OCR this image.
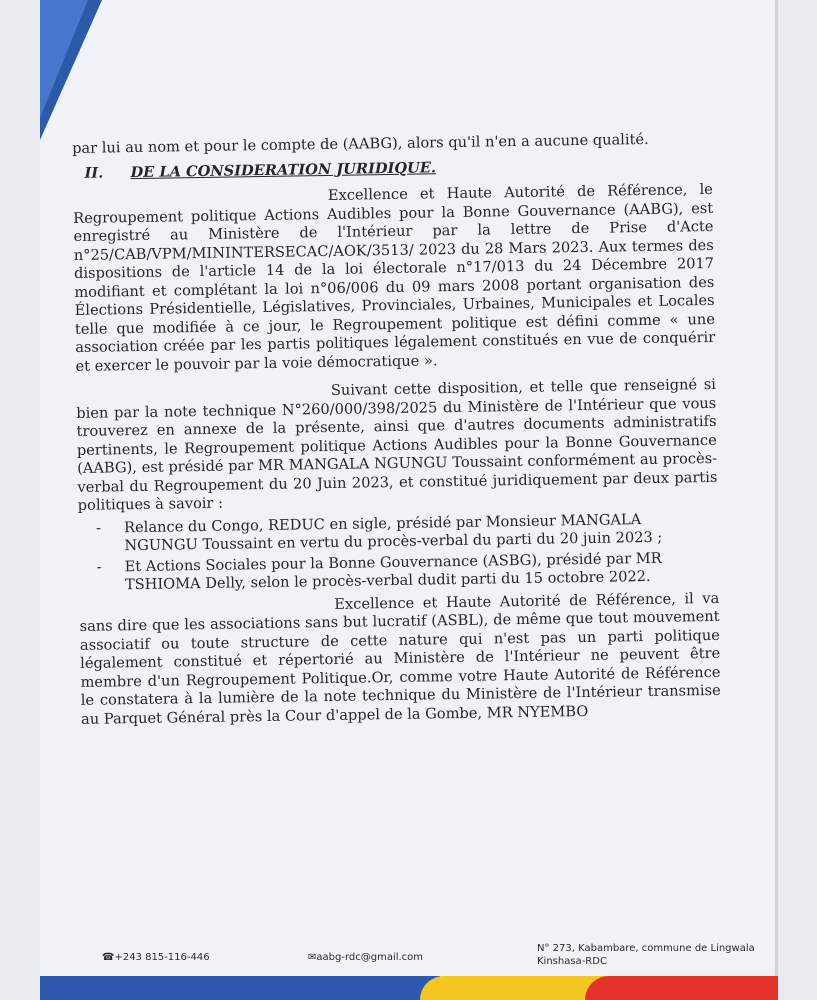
par lui au nom et pour le compte de (AABG), alors qu'il n'en a aucune qualité.

II. DE LA CONSIDERATION JURIDIQUE.

Excellence et Haute Autorité de Référence, le Regroupement politique Actions Audibles pour la Bonne Gouvernance (AABG), est enregistré au Ministère de l'Intérieur par la lettre de Prise d'Acte n°25/CAB/VPM/MININTERSECAC/AOK/3513/ 2023 du 28 Mars 2023. Aux termes des dispositions de l'article 14 de la loi électorale n°17/013 du 24 Décembre 2017 modifiant et complétant la loi n°06/006 du 09 mars 2008 portant organisation des Élections Présidentielle, Législatives, Provinciales, Urbaines, Municipales et Locales telle que modifiée à ce jour, le Regroupement politique est défini comme « une association créée par les partis politiques légalement constitués en vue de conquérir et exercer le pouvoir par la voie démocratique ».

Suivant cette disposition, et telle que renseigné si bien par la note technique N°260/000/398/2025 du Ministère de l'Intérieur que vous trouverez en annexe de la présente, ainsi que d'autres documents administratifs pertinents, le Regroupement politique Actions Audibles pour la Bonne Gouvernance (AABG), est présidé par MR MANGALA NGUNGU Toussaint conformément au procès-verbal du Regroupement du 20 Juin 2023, et constitué juridiquement par deux partis politiques à savoir :

- Relance du Congo, REDUC en sigle, présidé par Monsieur MANGALA NGUNGU Toussaint en vertu du procès-verbal du parti du 20 juin 2023 ;
- Et Actions Sociales pour la Bonne Gouvernance (ASBG), présidé par MR TSHIOMA Delly, selon le procès-verbal dudit parti du 15 octobre 2022.

Excellence et Haute Autorité de Référence, il va sans dire que les associations sans but lucratif (ASBL), de même que tout mouvement associatif ou toute structure de cette nature qui n'est pas un parti politique légalement constitué et répertorié au Ministère de l'Intérieur ne peuvent être membre d'un Regroupement Politique.Or, comme votre Haute Autorité de Référence le constatera à la lumière de la note technique du Ministère de l'Intérieur transmise au Parquet Général près la Cour d'appel de la Gombe, MR NYEMBO

☎+243 815-116-446	✉aabg-rdc@gmail.com
N° 273, Kabambare, commune de Lingwala
Kinshasa-RDC
